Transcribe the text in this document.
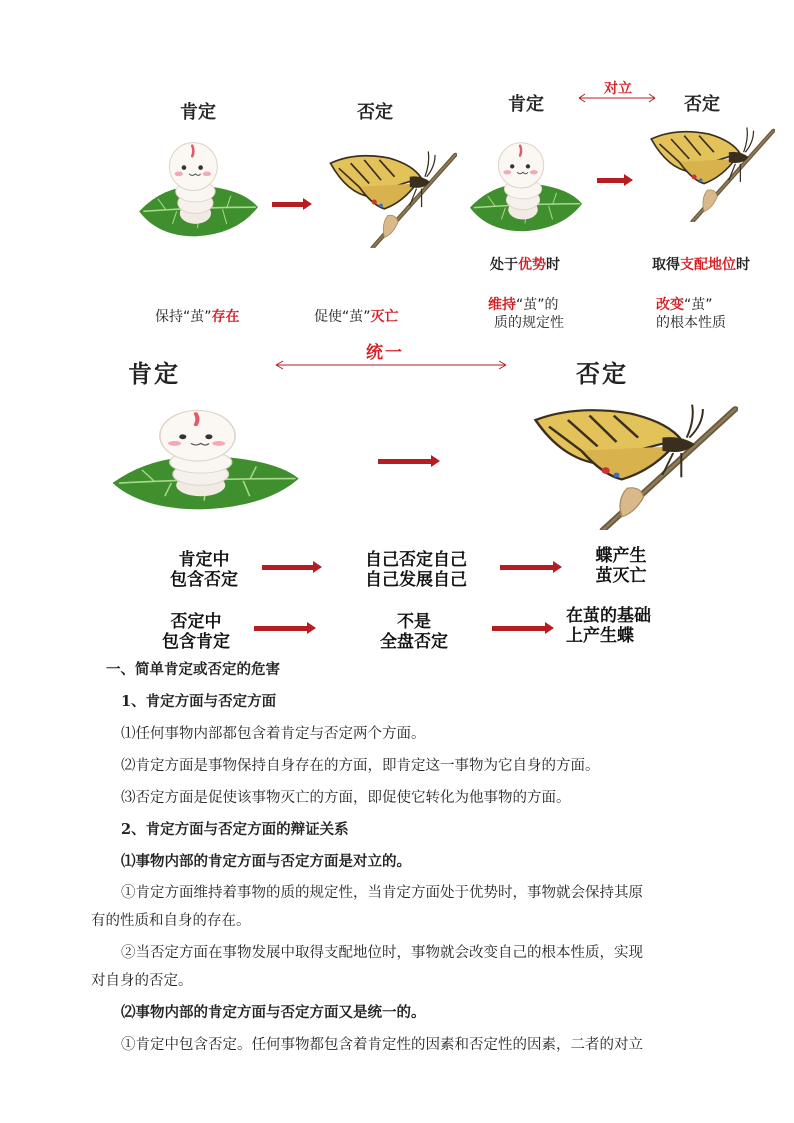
肯定	否定
保持“茧”存在	促使“茧”灭亡
肯定	否定
对立
处于优势时	取得支配地位时
维持“茧”的
质的规定性
改变“茧”
的根本性质
肯定	否定
统一
肯定中
包含否定
自己否定自己
自己发展自己
蝶产生
茧灭亡
否定中
包含肯定
不是
全盘否定
在茧的基础
上产生蝶
一、简单肯定或否定的危害
1、肯定方面与否定方面
⑴任何事物内部都包含着肯定与否定两个方面。
⑵肯定方面是事物保持自身存在的方面，即肯定这一事物为它自身的方面。
⑶否定方面是促使该事物灭亡的方面，即促使它转化为他事物的方面。
2、肯定方面与否定方面的辩证关系
⑴事物内部的肯定方面与否定方面是对立的。
①肯定方面维持着事物的质的规定性，当肯定方面处于优势时，事物就会保持其原
有的性质和自身的存在。
②当否定方面在事物发展中取得支配地位时，事物就会改变自己的根本性质，实现
对自身的否定。
⑵事物内部的肯定方面与否定方面又是统一的。
①肯定中包含否定。任何事物都包含着肯定性的因素和否定性的因素，二者的对立
